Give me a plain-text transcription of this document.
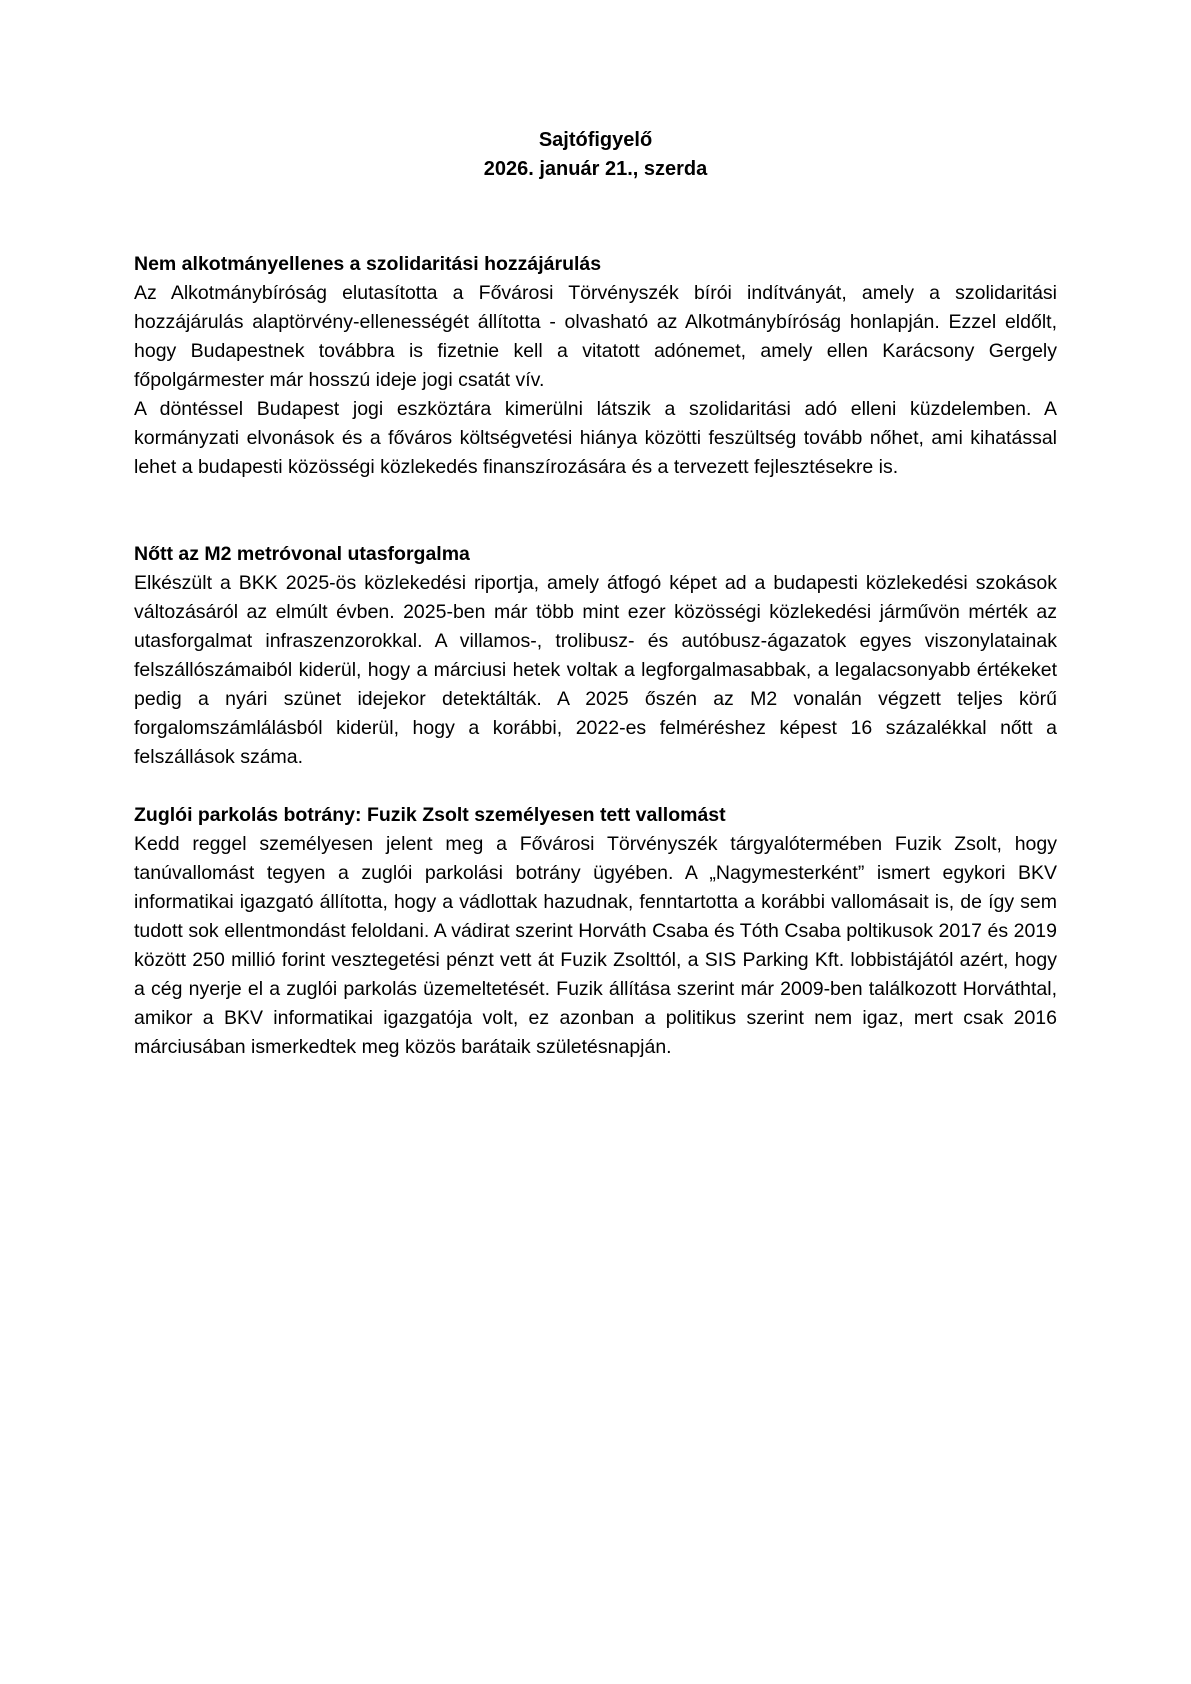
Sajtófigyelő
2026. január 21., szerda
Nem alkotmányellenes a szolidaritási hozzájárulás
Az Alkotmánybíróság elutasította a Fővárosi Törvényszék bírói indítványát, amely a szolidaritási hozzájárulás alaptörvény-ellenességét állította - olvasható az Alkotmánybíróság honlapján. Ezzel eldőlt, hogy Budapestnek továbbra is fizetnie kell a vitatott adónemet, amely ellen Karácsony Gergely főpolgármester már hosszú ideje jogi csatát vív.
A döntéssel Budapest jogi eszköztára kimerülni látszik a szolidaritási adó elleni küzdelemben. A kormányzati elvonások és a főváros költségvetési hiánya közötti feszültség tovább nőhet, ami kihatással lehet a budapesti közösségi közlekedés finanszírozására és a tervezett fejlesztésekre is.
Nőtt az M2 metróvonal utasforgalma
Elkészült a BKK 2025-ös közlekedési riportja, amely átfogó képet ad a budapesti közlekedési szokások változásáról az elmúlt évben. 2025-ben már több mint ezer közösségi közlekedési járművön mérték az utasforgalmat infraszenzorokkal. A villamos-, trolibusz- és autóbusz-ágazatok egyes viszonylatainak felszállószámaiból kiderül, hogy a márciusi hetek voltak a legforgalmasabbak, a legalacsonyabb értékeket pedig a nyári szünet idejekor detektálták. A 2025 őszén az M2 vonalán végzett teljes körű forgalomszámlálásból kiderül, hogy a korábbi, 2022-es felméréshez képest 16 százalékkal nőtt a felszállások száma.
Zuglói parkolás botrány: Fuzik Zsolt személyesen tett vallomást
Kedd reggel személyesen jelent meg a Fővárosi Törvényszék tárgyalótermében Fuzik Zsolt, hogy tanúvallomást tegyen a zuglói parkolási botrány ügyében. A „Nagymesterként” ismert egykori BKV informatikai igazgató állította, hogy a vádlottak hazudnak, fenntartotta a korábbi vallomásait is, de így sem tudott sok ellentmondást feloldani. A vádirat szerint Horváth Csaba és Tóth Csaba poltikusok 2017 és 2019 között 250 millió forint vesztegetési pénzt vett át Fuzik Zsolttól, a SIS Parking Kft. lobbistájától azért, hogy a cég nyerje el a zuglói parkolás üzemeltetését. Fuzik állítása szerint már 2009-ben találkozott Horváthtal, amikor a BKV informatikai igazgatója volt, ez azonban a politikus szerint nem igaz, mert csak 2016 márciusában ismerkedtek meg közös barátaik születésnapján.
